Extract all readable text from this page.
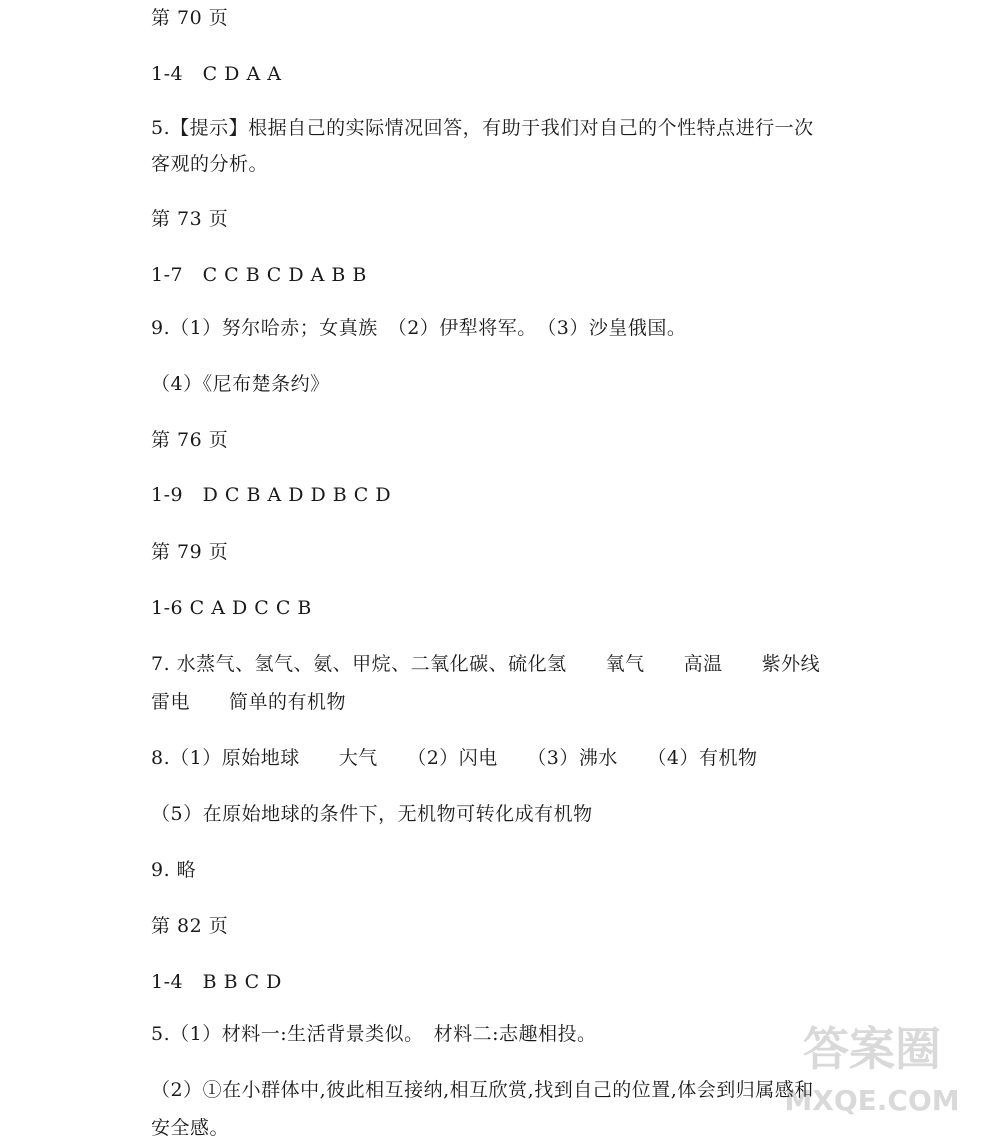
第 70 页
1-4　C D A A
5.【提示】根据自己的实际情况回答，有助于我们对自己的个性特点进行一次
客观的分析。
第 73 页
1-7　C C B C D A B B
9.（1）努尔哈赤；女真族　（2）伊犁将军。　（3）沙皇俄国。
（4）《尼布楚条约》
第 76 页
1-9　D C B A D D B C D
第 79 页
1-6 C A D C C B
7. 水蒸气、氢气、氨、甲烷、二氧化碳、硫化氢　　氧气　　高温　　紫外线
雷电　　简单的有机物
8.（1）原始地球　　大气　　（2）闪电　　（3）沸水　　（4）有机物
（5）在原始地球的条件下，无机物可转化成有机物
9. 略
第 82 页
1-4　B B C D
5.（1）材料一:生活背景类似。　材料二:志趣相投。
（2）①在小群体中,彼此相互接纳,相互欣赏,找到自己的位置,体会到归属感和
安全感。
答案圈
MXQE.COM
